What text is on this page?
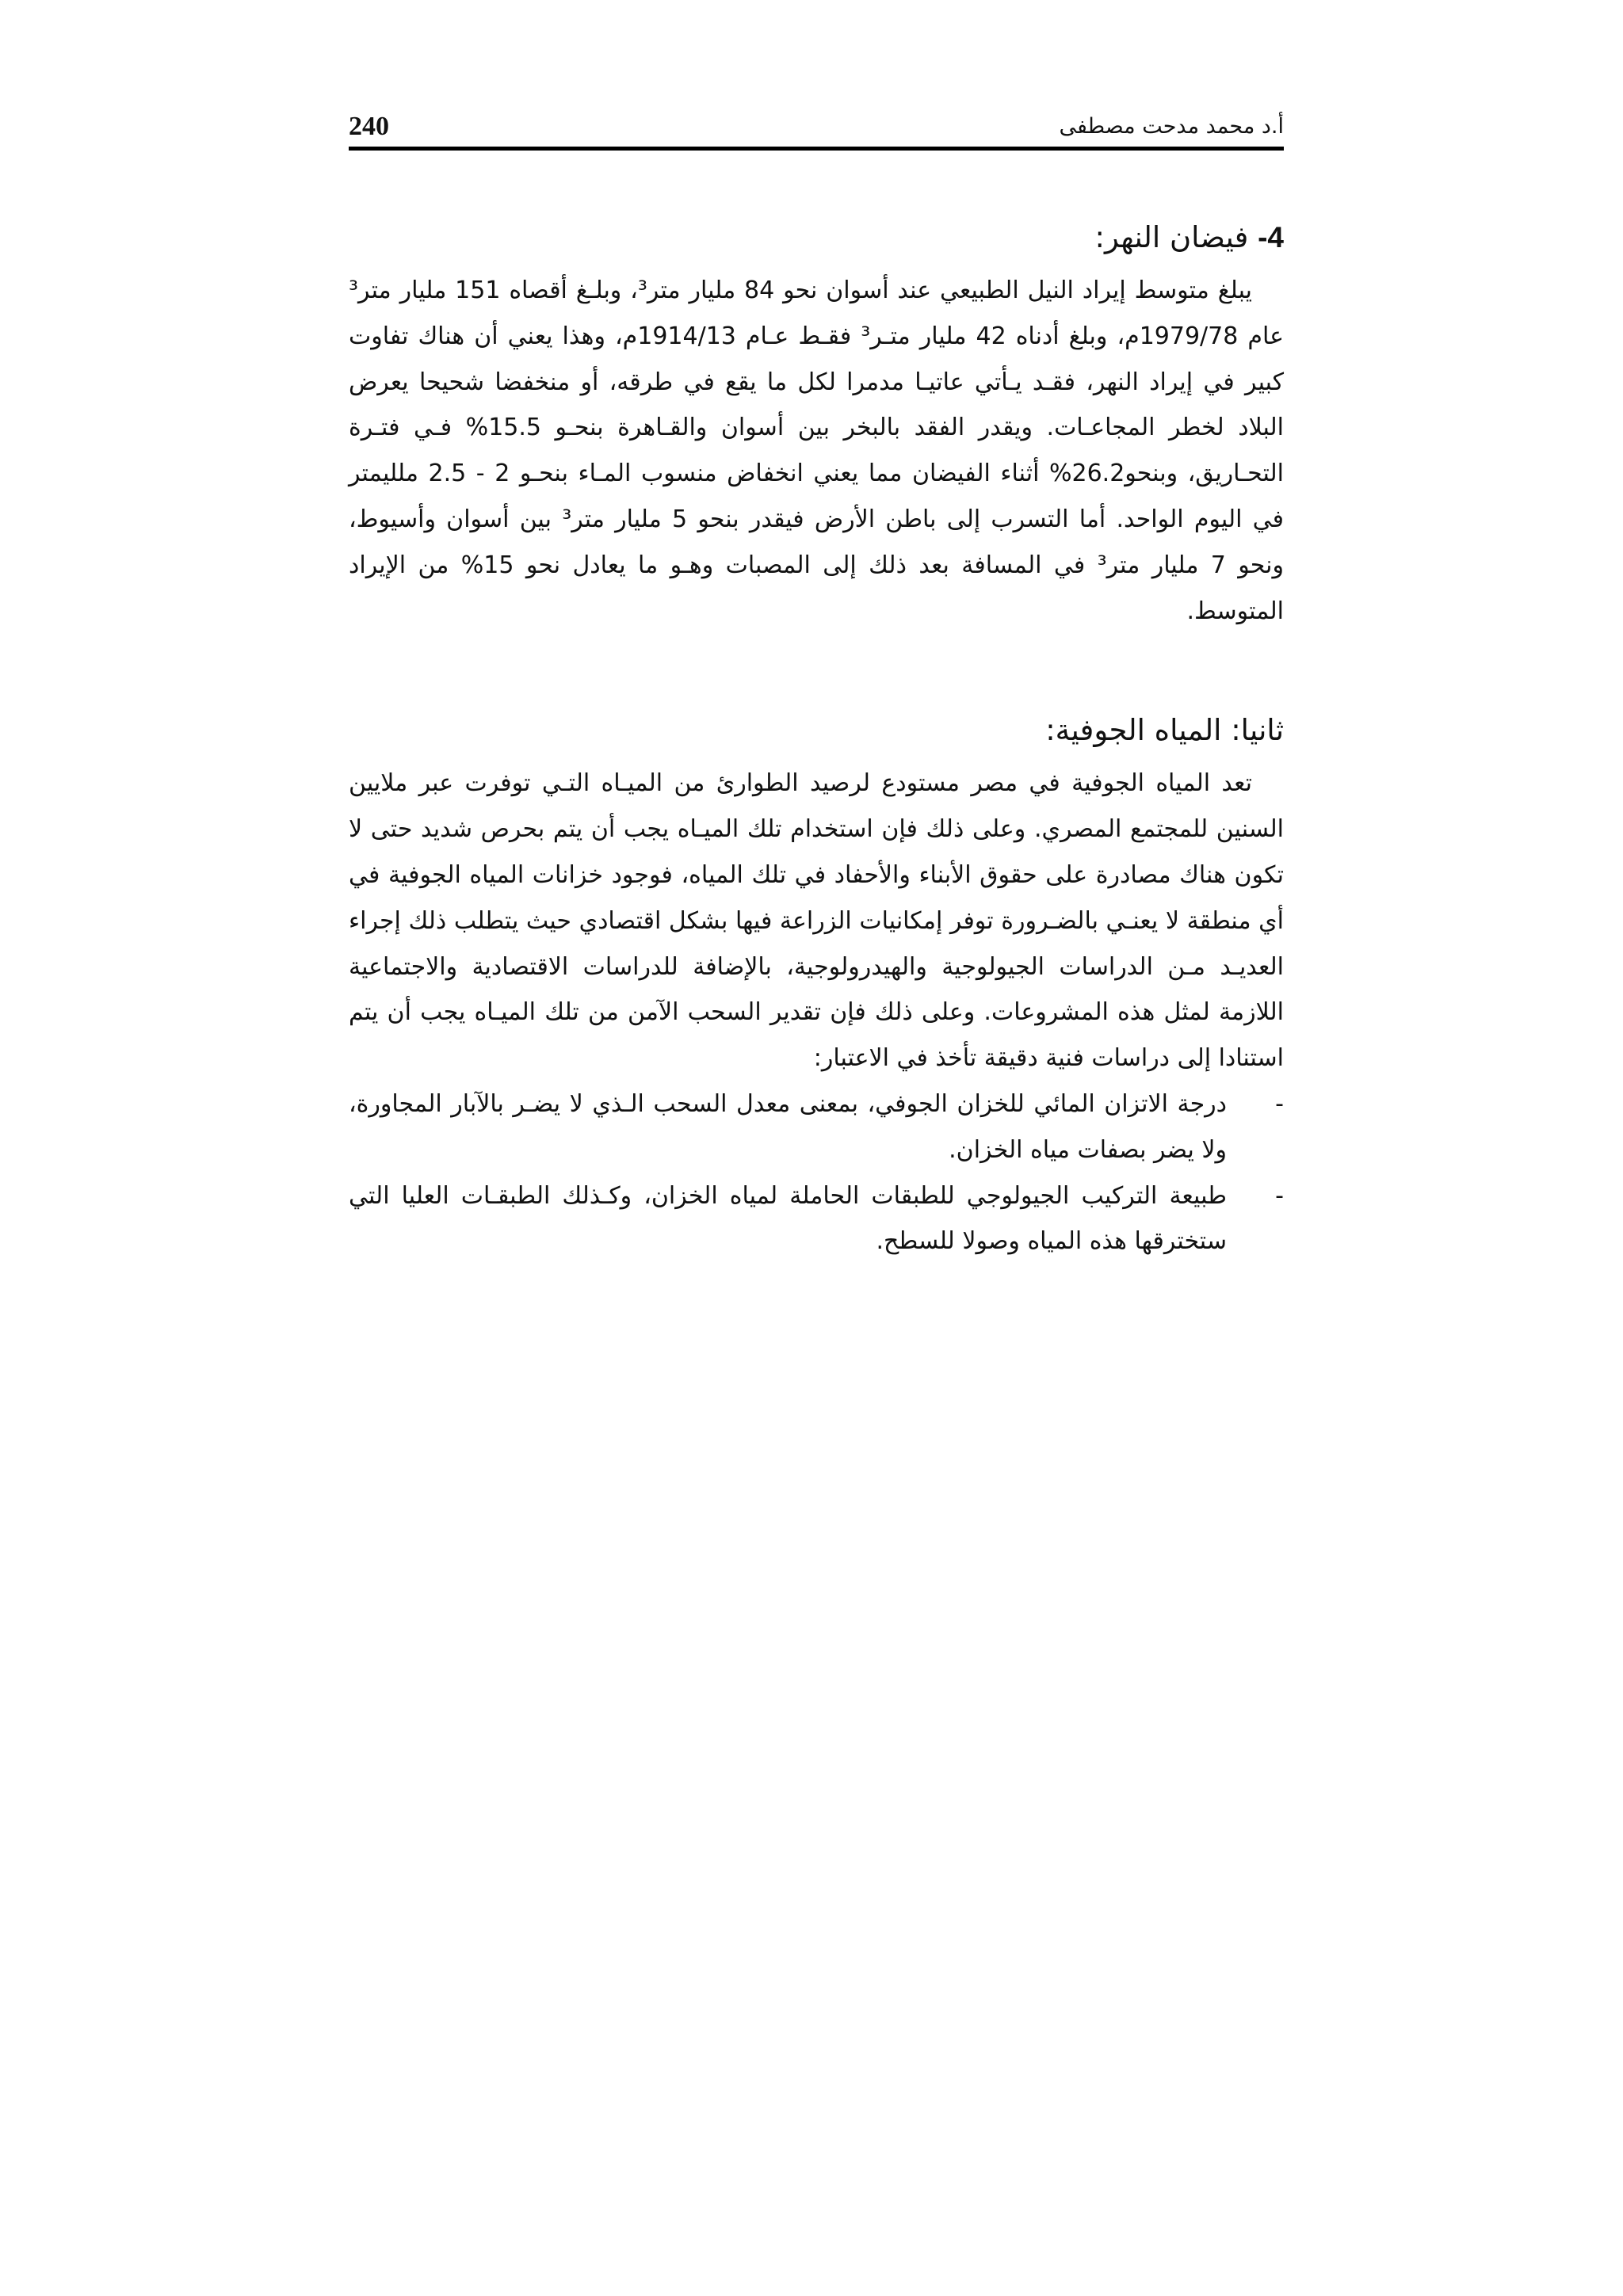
240	أ.د محمد مدحت مصطفى
4- فيضان النهر:

يبلغ متوسط إيراد النيل الطبيعي عند أسوان نحو 84 مليار متر³، وبلـغ أقصاه 151 مليار متر³ عام 1979/78م، وبلغ أدناه 42 مليار متـر³ فقـط عـام 1914/13م، وهذا يعني أن هناك تفاوت كبير في إيراد النهر، فقـد يـأتي عاتيـا مدمرا لكل ما يقع في طرقه، أو منخفضا شحيحا يعرض البلاد لخطر المجاعـات. ويقدر الفقد بالبخر بين أسوان والقـاهرة بنحـو 15.5% فـي فتـرة التحـاريق، وبنحو26.2% أثناء الفيضان مما يعني انخفاض منسوب المـاء بنحـو 2 - 2.5 ملليمتر في اليوم الواحد. أما التسرب إلى باطن الأرض فيقدر بنحو 5 مليار متر³ بين أسوان وأسيوط، ونحو 7 مليار متر³ في المسافة بعد ذلك إلى المصبات وهـو ما يعادل نحو 15% من الإيراد المتوسط.

ثانيا: المياه الجوفية:

تعد المياه الجوفية في مصر مستودع لرصيد الطوارئ من الميـاه التـي توفرت عبر ملايين السنين للمجتمع المصري. وعلى ذلك فإن استخدام تلك الميـاه يجب أن يتم بحرص شديد حتى لا تكون هناك مصادرة على حقوق الأبناء والأحفاد في تلك المياه، فوجود خزانات المياه الجوفية في أي منطقة لا يعنـي بالضـرورة توفر إمكانيات الزراعة فيها بشكل اقتصادي حيث يتطلب ذلك إجراء العديـد مـن الدراسات الجيولوجية والهيدرولوجية، بالإضافة للدراسات الاقتصادية والاجتماعية اللازمة لمثل هذه المشروعات. وعلى ذلك فإن تقدير السحب الآمن من تلك الميـاه يجب أن يتم استنادا إلى دراسات فنية دقيقة تأخذ في الاعتبار:

-
درجة الاتزان المائي للخزان الجوفي، بمعنى معدل السحب الـذي لا يضـر بالآبار المجاورة، ولا يضر بصفات مياه الخزان.
-
طبيعة التركيب الجيولوجي للطبقات الحاملة لمياه الخزان، وكـذلك الطبقـات العليا التي ستخترقها هذه المياه وصولا للسطح.
